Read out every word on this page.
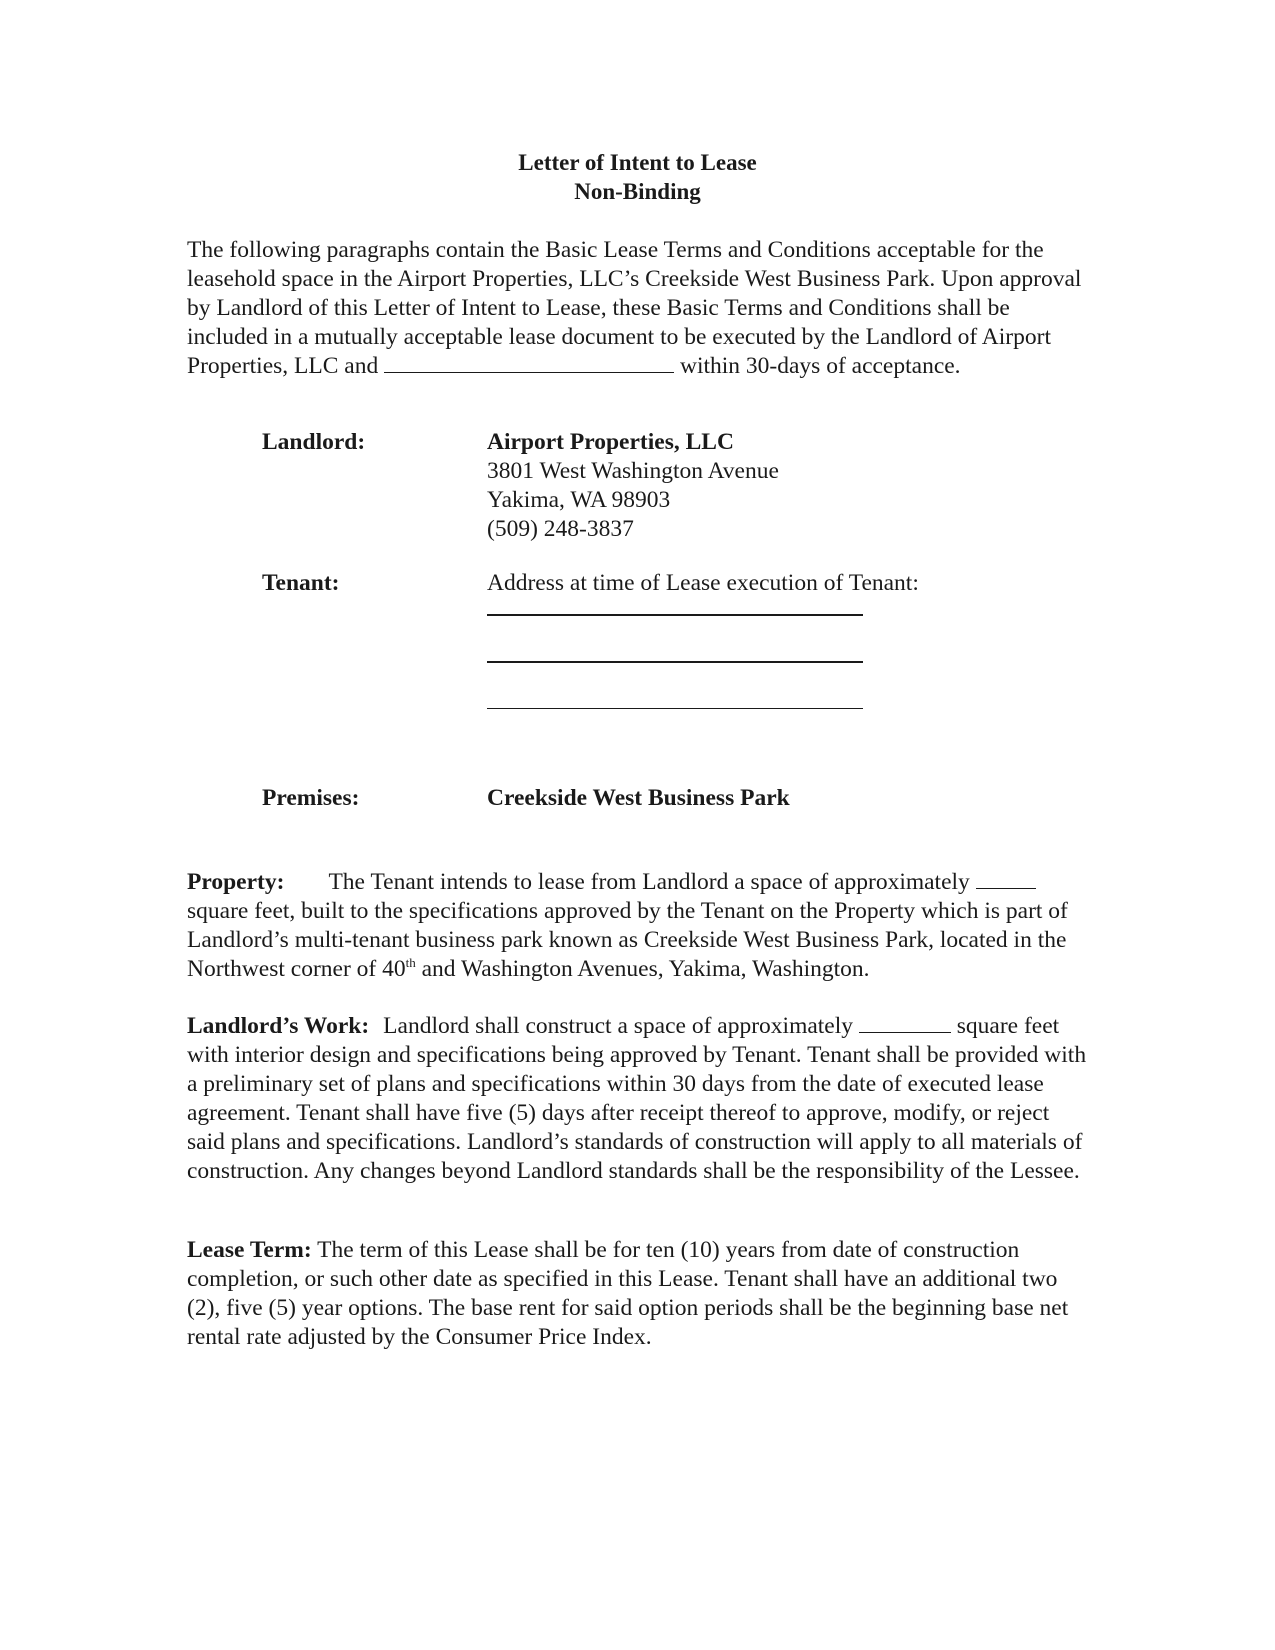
Letter of Intent to Lease
Non-Binding
The following paragraphs contain the Basic Lease Terms and Conditions acceptable for the leasehold space in the Airport Properties, LLC’s Creekside West Business Park. Upon approval by Landlord of this Letter of Intent to Lease, these Basic Terms and Conditions shall be included in a mutually acceptable lease document to be executed by the Landlord of Airport Properties, LLC and	within 30-days of acceptance.
Landlord:	Airport Properties, LLC
3801 West Washington Avenue
Yakima, WA 98903
(509) 248-3837
Tenant:	Address at time of Lease execution of Tenant:
Premises:	Creekside West Business Park
Property: The Tenant intends to lease from Landlord a space of approximately  square feet, built to the specifications approved by the Tenant on the Property which is part of Landlord’s multi-tenant business park known as Creekside West Business Park, located in the Northwest corner of 40th and Washington Avenues, Yakima, Washington.
Landlord’s Work: Landlord shall construct a space of approximately	square feet with interior design and specifications being approved by Tenant. Tenant shall be provided with a preliminary set of plans and specifications within 30 days from the date of executed lease agreement. Tenant shall have five (5) days after receipt thereof to approve, modify, or reject said plans and specifications. Landlord’s standards of construction will apply to all materials of construction. Any changes beyond Landlord standards shall be the responsibility of the Lessee.
Lease Term: The term of this Lease shall be for ten (10) years from date of construction completion, or such other date as specified in this Lease. Tenant shall have an additional two (2), five (5) year options. The base rent for said option periods shall be the beginning base net rental rate adjusted by the Consumer Price Index.
